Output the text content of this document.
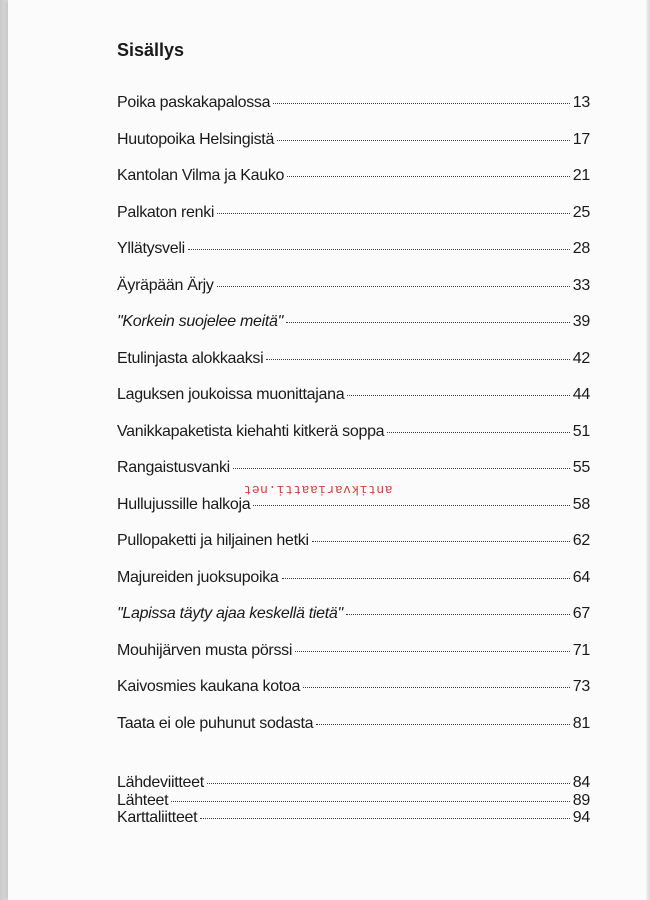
Sisällys
Poika paskakapalossa	13
Huutopoika Helsingistä	17
Kantolan Vilma ja Kauko	21
Palkaton renki	25
Yllätysveli	28
Äyräpään Ärjy	33
"Korkein suojelee meitä"	39
Etulinjasta alokkaaksi	42
Laguksen joukoissa muonittajana	44
Vanikkapaketista kiehahti kitkerä soppa	51
Rangaistusvanki	55
Hullujussille halkoja	58
Pullopaketti ja hiljainen hetki	62
Majureiden juoksupoika	64
"Lapissa täyty ajaa keskellä tietä"	67
Mouhijärven musta pörssi	71
Kaivosmies kaukana kotoa	73
Taata ei ole puhunut sodasta	81
Lähdeviitteet	84
Lähteet	89
Karttaliitteet	94
antikvariaatti.net
